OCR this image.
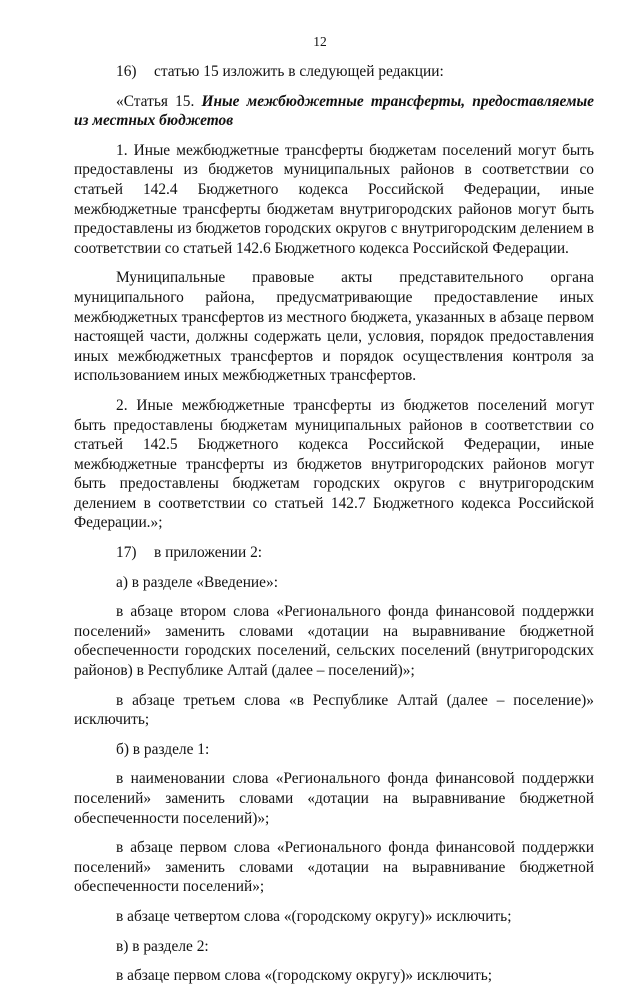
12

16) статью 15 изложить в следующей редакции:

«Статья 15. Иные межбюджетные трансферты, предоставляемые из местных бюджетов

1. Иные межбюджетные трансферты бюджетам поселений могут быть предоставлены из бюджетов муниципальных районов в соответствии со статьей 142.4 Бюджетного кодекса Российской Федерации, иные межбюджетные трансферты бюджетам внутригородских районов могут быть предоставлены из бюджетов городских округов с внутригородским делением в соответствии со статьей 142.6 Бюджетного кодекса Российской Федерации.

Муниципальные правовые акты представительного органа муниципального района, предусматривающие предоставление иных межбюджетных трансфертов из местного бюджета, указанных в абзаце первом настоящей части, должны содержать цели, условия, порядок предоставления иных межбюджетных трансфертов и порядок осуществления контроля за использованием иных межбюджетных трансфертов.

2. Иные межбюджетные трансферты из бюджетов поселений могут быть предоставлены бюджетам муниципальных районов в соответствии со статьей 142.5 Бюджетного кодекса Российской Федерации, иные межбюджетные трансферты из бюджетов внутригородских районов могут быть предоставлены бюджетам городских округов с внутригородским делением в соответствии со статьей 142.7 Бюджетного кодекса Российской Федерации.»;

17) в приложении 2:

а) в разделе «Введение»:

в абзаце втором слова «Регионального фонда финансовой поддержки поселений» заменить словами «дотации на выравнивание бюджетной обеспеченности городских поселений, сельских поселений (внутригородских районов) в Республике Алтай (далее – поселений)»;

в абзаце третьем слова «в Республике Алтай (далее – поселение)» исключить;

б) в разделе 1:

в наименовании слова «Регионального фонда финансовой поддержки поселений» заменить словами «дотации на выравнивание бюджетной обеспеченности поселений)»;

в абзаце первом слова «Регионального фонда финансовой поддержки поселений» заменить словами «дотации на выравнивание бюджетной обеспеченности поселений»;

в абзаце четвертом слова «(городскому округу)» исключить;

в) в разделе 2:

в абзаце первом слова «(городскому округу)» исключить;
